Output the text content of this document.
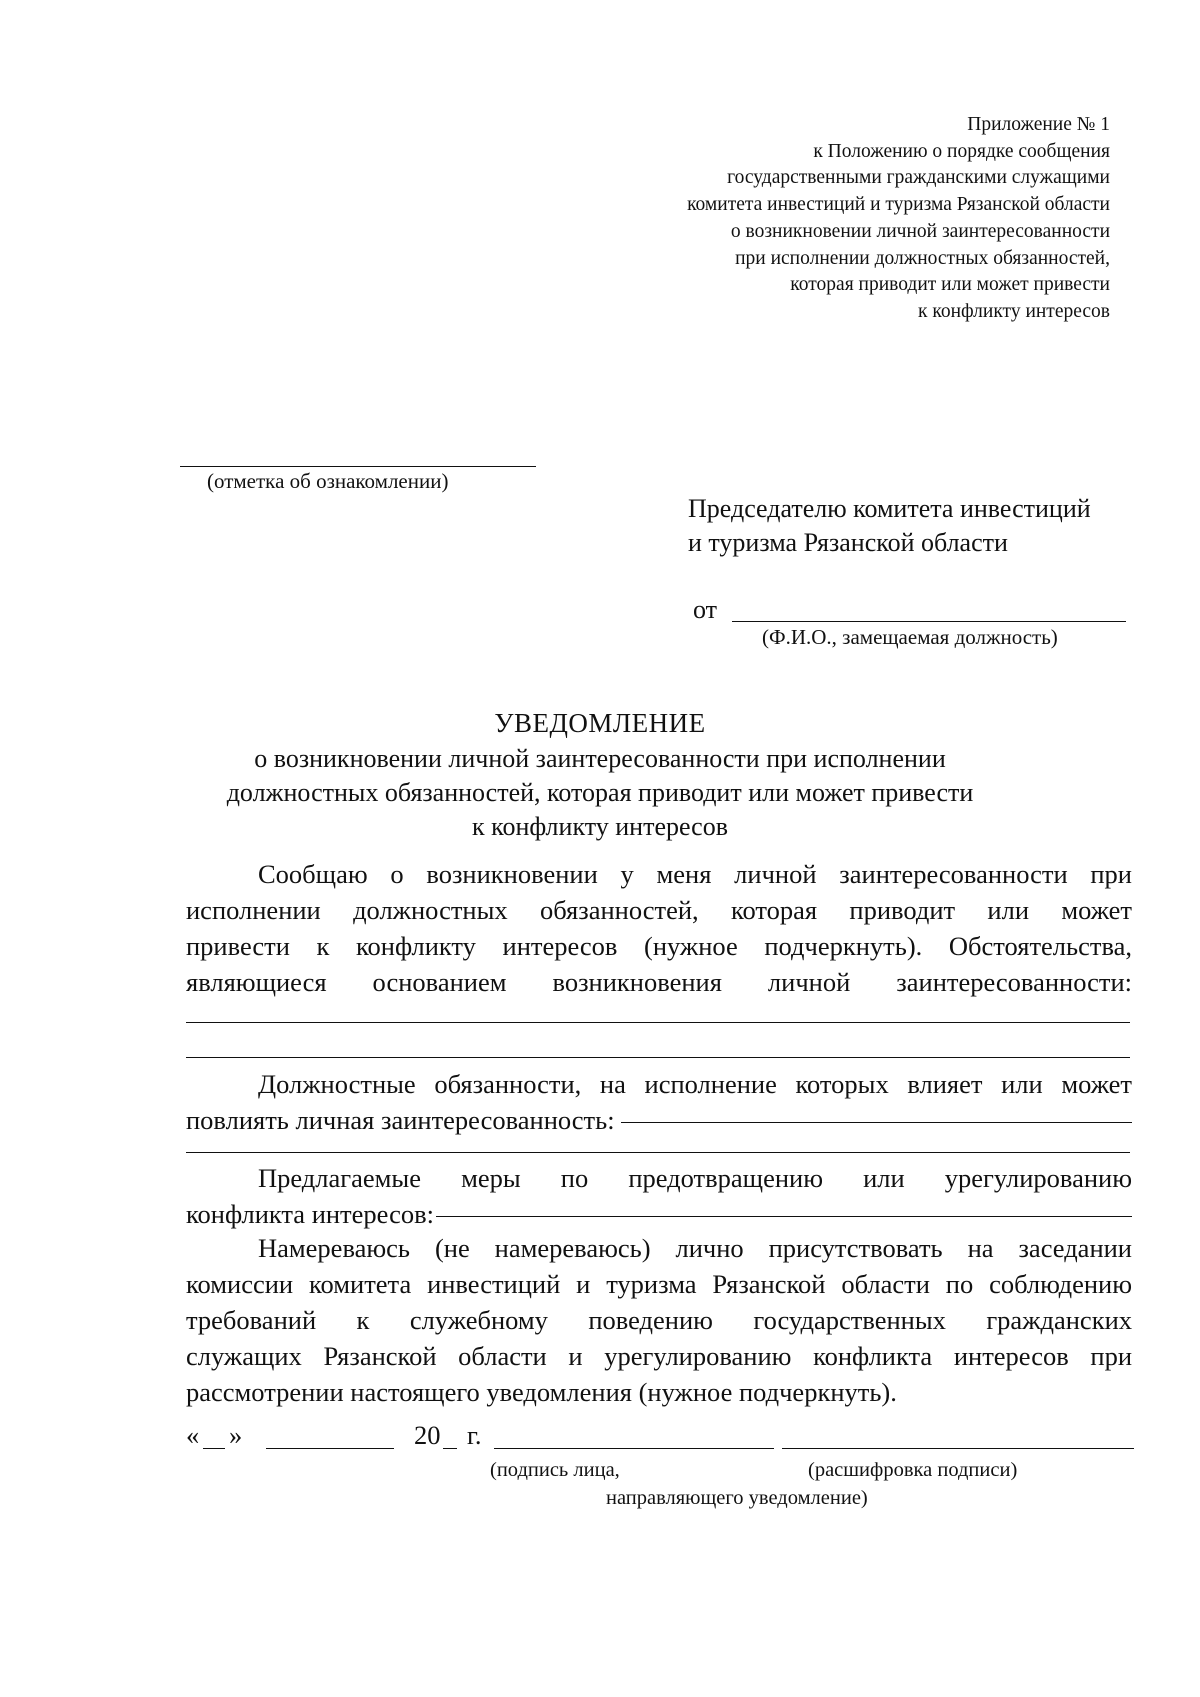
Приложение № 1
к Положению о порядке сообщения
государственными гражданскими служащими
комитета инвестиций и туризма Рязанской области
о возникновении личной заинтересованности
при исполнении должностных обязанностей,
которая приводит или может привести
к конфликту интересов
(отметка об ознакомлении)
Председателю комитета инвестиций
и туризма Рязанской области
от
(Ф.И.О., замещаемая должность)
УВЕДОМЛЕНИЕ
о возникновении личной заинтересованности при исполнении
должностных обязанностей, которая приводит или может привести
к конфликту интересов
Сообщаю о возникновении у меня личной заинтересованности при
исполнении должностных обязанностей, которая приводит или может
привести к конфликту интересов (нужное подчеркнуть). Обстоятельства,
являющиеся основанием возникновения личной заинтересованности:
Должностные обязанности, на исполнение которых влияет или может
повлиять личная заинтересованность:
Предлагаемые меры по предотвращению или урегулированию
конфликта интересов:
Намереваюсь (не намереваюсь) лично присутствовать на заседании
комиссии комитета инвестиций и туризма Рязанской области по соблюдению
требований к служебному поведению государственных гражданских
служащих Рязанской области и урегулированию конфликта интересов при
рассмотрении настоящего уведомления (нужное подчеркнуть).
« »	20 г.
(подпись лица,	(расшифровка подписи)
направляющего уведомление)
